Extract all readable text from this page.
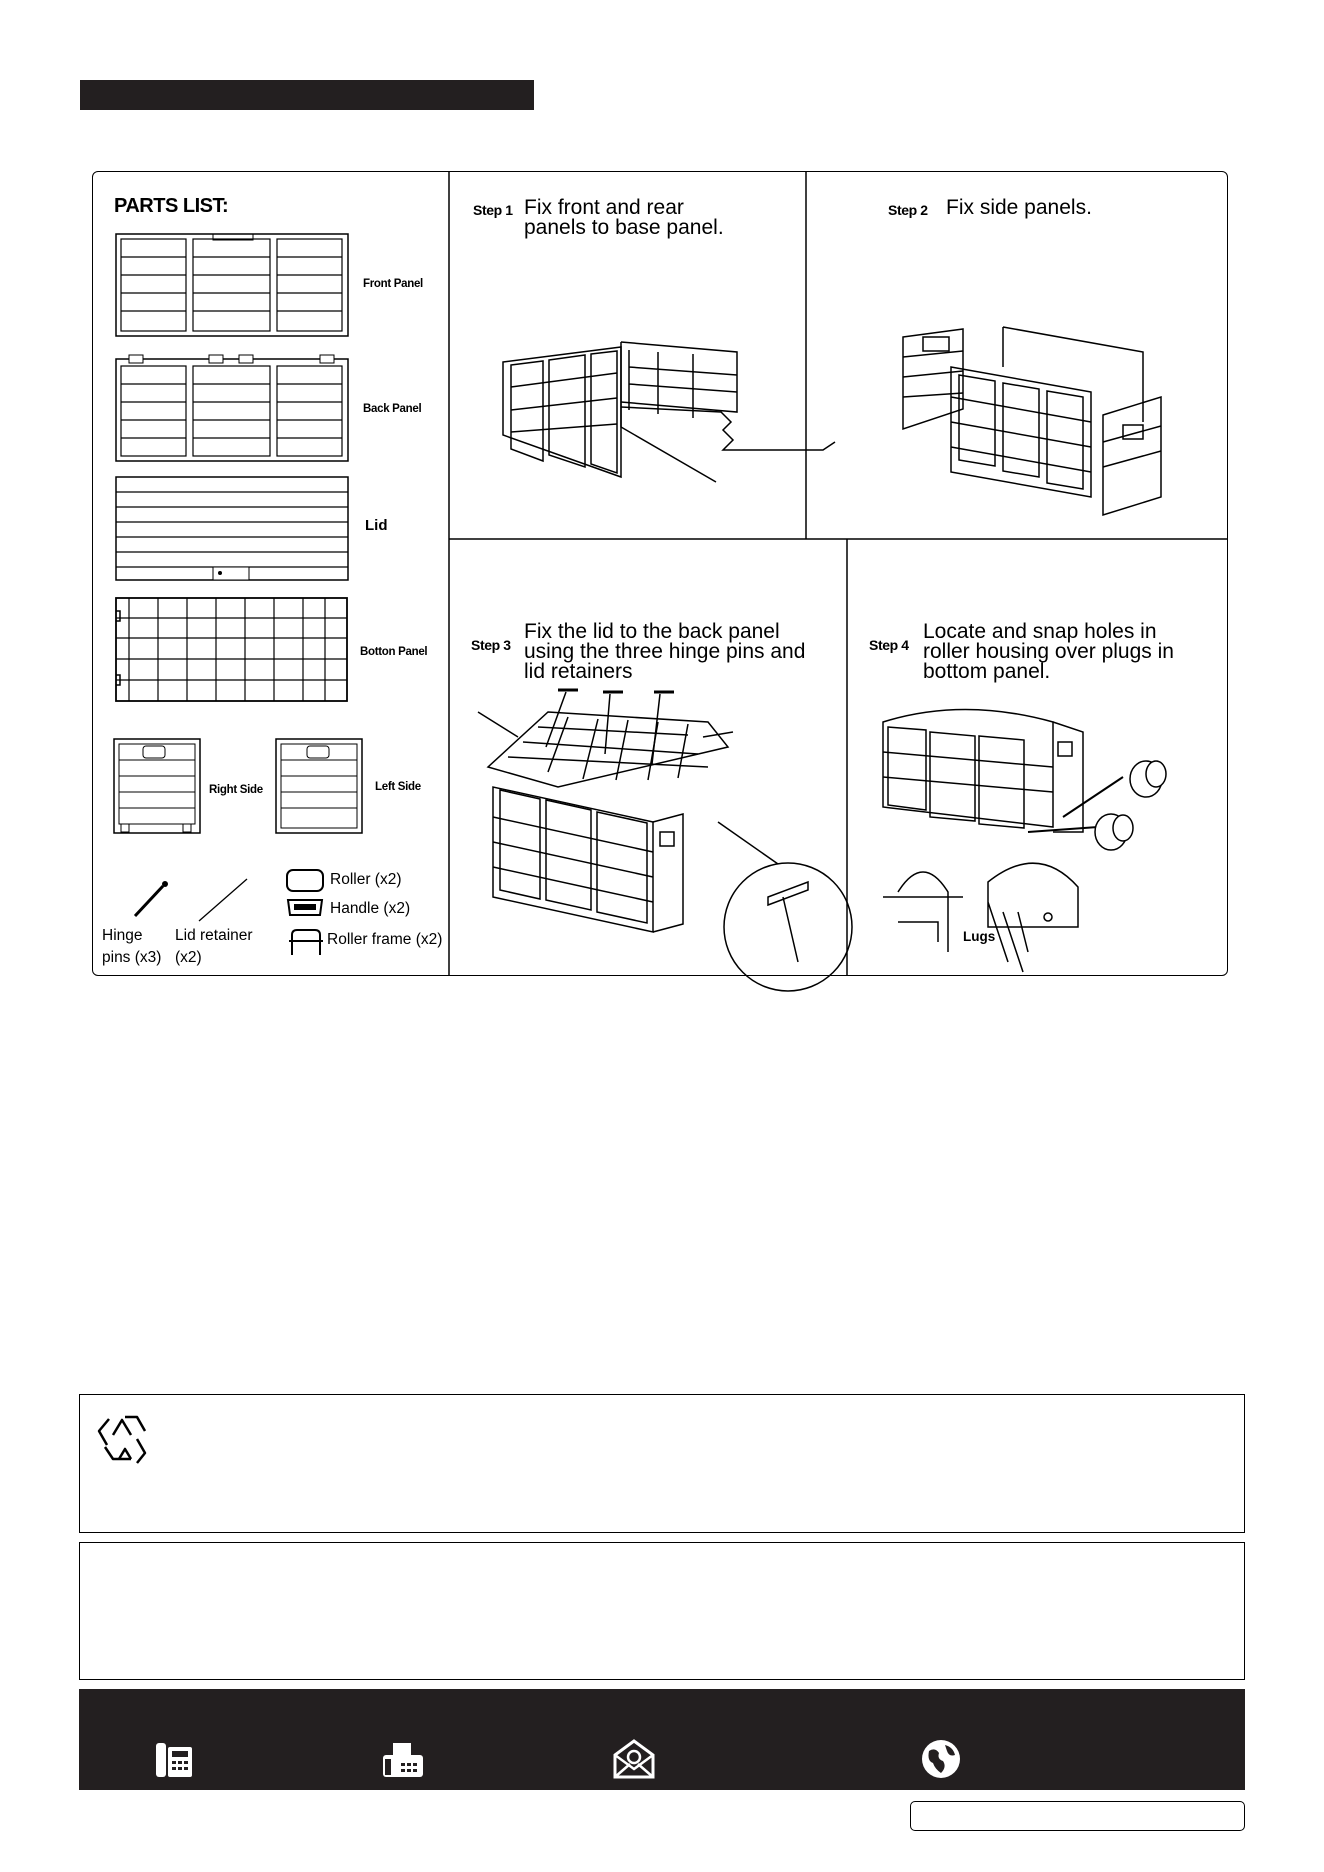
PARTS LIST:
Front Panel
Back Panel
Lid
Botton Panel
Right Side	Left Side
Hinge
pins (x3)
Lid retainer
(x2)
Roller (x2)
Handle (x2)
Roller frame (x2)
Step 1 Fix front and rear
panels to base panel.
Step 2 Fix side panels.
Step 3
Fix the lid to the back panel
using the three hinge pins and
lid retainers
Step 4
Locate and snap holes in
roller housing over plugs in
bottom panel.
Lugs
